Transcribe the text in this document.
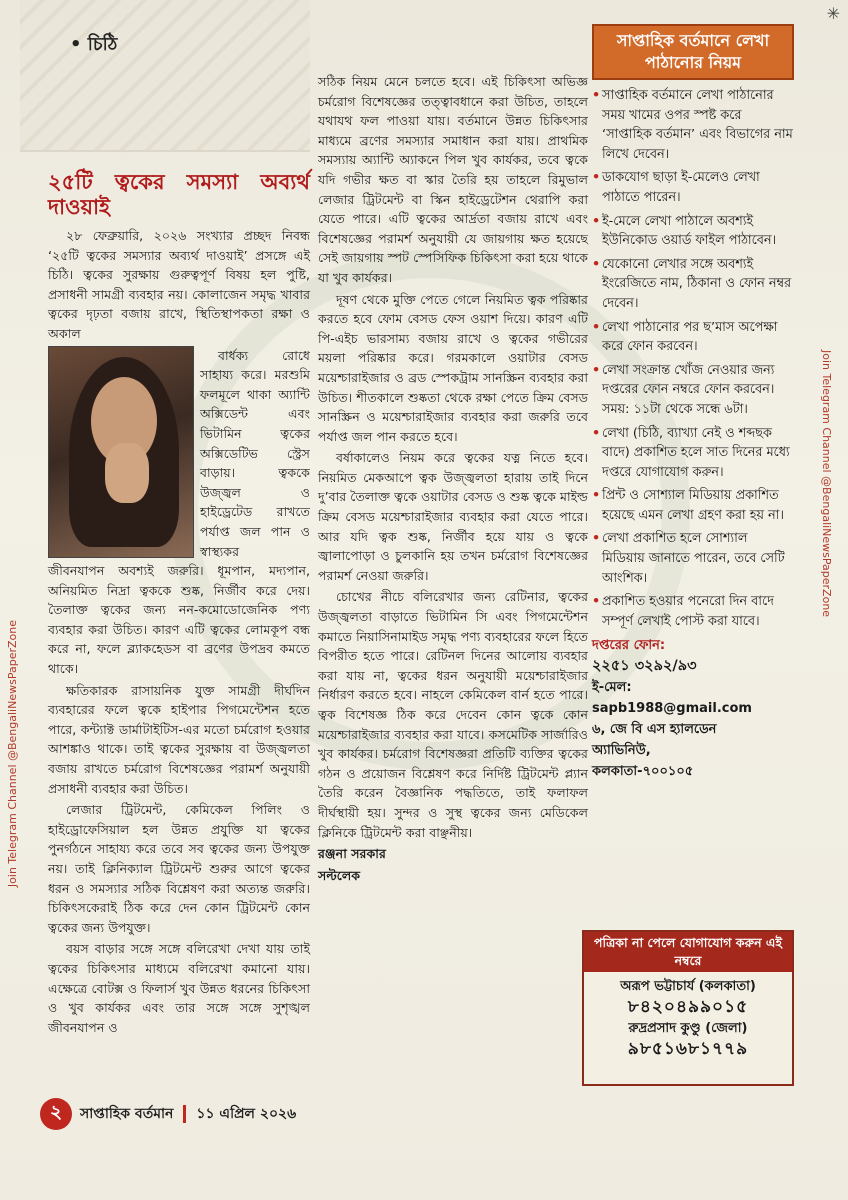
• চিঠি
✳
২৫টি ত্বকের সমস্যা অব্যর্থ দাওয়াই

২৮ ফেব্রুয়ারি, ২০২৬ সংখ্যার প্রচ্ছদ নিবন্ধ ‘২৫টি ত্বকের সমস্যার অব্যর্থ দাওয়াই’ প্রসঙ্গে এই চিঠি। ত্বকের সুরক্ষায় গুরুত্বপূর্ণ বিষয় হল পুষ্টি, প্রসাধনী সামগ্রী ব্যবহার নয়। কোলাজেন সমৃদ্ধ খাবার ত্বকের দৃঢ়তা বজায় রাখে, স্থিতিস্থাপকতা রক্ষা ও অকাল

বার্ধক্য রোধে সাহায্য করে। মরশুমি ফলমূলে থাকা অ্যান্টি অক্সিডেন্ট এবং ভিটামিন ত্বকের অক্সিডেটিভ স্ট্রেস বাড়ায়। ত্বককে উজ্জ্বল ও হাইড্রেটেড রাখতে পর্যাপ্ত জল পান ও স্বাস্থ্যকর

জীবনযাপন অবশ্যই জরুরি। ধূমপান, মদ্যপান, অনিয়মিত নিদ্রা ত্বককে শুষ্ক, নির্জীব করে দেয়। তৈলাক্ত ত্বকের জন্য নন-কমোডোজেনিক পণ্য ব্যবহার করা উচিত। কারণ এটি ত্বকের লোমকূপ বন্ধ করে না, ফলে ব্ল্যাকহেডস বা ব্রণের উপদ্রব কমতে থাকে।

ক্ষতিকারক রাসায়নিক যুক্ত সামগ্রী দীর্ঘদিন ব্যবহারের ফলে ত্বকে হাইপার পিগমেন্টেশন হতে পারে, কন্ট্যাক্ট ডার্মাটাইটিস-এর মতো চর্মরোগ হওয়ার আশঙ্কাও থাকে। তাই ত্বকের সুরক্ষায় বা উজ্জ্বলতা বজায় রাখতে চর্মরোগ বিশেষজ্ঞের পরামর্শ অনুযায়ী প্রসাধনী ব্যবহার করা উচিত।

লেজার ট্রিটমেন্ট, কেমিকেল পিলিং ও হাইড্রোফেসিয়াল হল উন্নত প্রযুক্তি যা ত্বকের পুনর্গঠনে সাহায্য করে তবে সব ত্বকের জন্য উপযুক্ত নয়। তাই ক্লিনিক্যাল ট্রিটমেন্ট শুরুর আগে ত্বকের ধরন ও সমস্যার সঠিক বিশ্লেষণ করা অত্যন্ত জরুরি। চিকিৎসকেরাই ঠিক করে দেন কোন ট্রিটমেন্ট কোন ত্বকের জন্য উপযুক্ত।

বয়স বাড়ার সঙ্গে সঙ্গে বলিরেখা দেখা যায় তাই ত্বকের চিকিৎসার মাধ্যমে বলিরেখা কমানো যায়। এক্ষেত্রে বোটক্স ও ফিলার্স খুব উন্নত ধরনের চিকিৎসা ও খুব কার্যকর এবং তার সঙ্গে সঙ্গে সুশৃঙ্খল জীবনযাপন ও

সঠিক নিয়ম মেনে চলতে হবে। এই চিকিৎসা অভিজ্ঞ চর্মরোগ বিশেষজ্ঞের তত্ত্বাবধানে করা উচিত, তাহলে যথাযথ ফল পাওয়া যায়। বর্তমানে উন্নত চিকিৎসার মাধ্যমে ব্রণের সমস্যার সমাধান করা যায়। প্রাথমিক সমস্যায় অ্যান্টি অ্যাকনে পিল খুব কার্যকর, তবে ত্বকে যদি গভীর ক্ষত বা স্কার তৈরি হয় তাহলে রিমুভাল লেজার ট্রিটমেন্ট বা স্কিন হাইড্রেটেশন থেরাপি করা যেতে পারে। এটি ত্বকের আর্দ্রতা বজায় রাখে এবং বিশেষজ্ঞের পরামর্শ অনুযায়ী যে জায়গায় ক্ষত হয়েছে সেই জায়গায় স্পট স্পেসিফিক চিকিৎসা করা হয়ে থাকে যা খুব কার্যকর।

দূষণ থেকে মুক্তি পেতে গেলে নিয়মিত ত্বক পরিষ্কার করতে হবে ফোম বেসড ফেস ওয়াশ দিয়ে। কারণ এটি পি-এইচ ভারসাম্য বজায় রাখে ও ত্বকের গভীরের ময়লা পরিষ্কার করে। গরমকালে ওয়াটার বেসড ময়েশ্চারাইজার ও ব্রড স্পেকট্রাম সানস্ক্রিন ব্যবহার করা উচিত। শীতকালে শুষ্কতা থেকে রক্ষা পেতে ক্রিম বেসড সানস্ক্রিন ও ময়েশ্চারাইজার ব্যবহার করা জরুরি তবে পর্যাপ্ত জল পান করতে হবে।

বর্ষাকালেও নিয়ম করে ত্বকের যত্ন নিতে হবে। নিয়মিত মেকআপে ত্বক উজ্জ্বলতা হারায় তাই দিনে দু’বার তৈলাক্ত ত্বকে ওয়াটার বেসড ও শুষ্ক ত্বকে মাইল্ড ক্রিম বেসড ময়েশ্চারাইজার ব্যবহার করা যেতে পারে। আর যদি ত্বক শুষ্ক, নির্জীব হয়ে যায় ও ত্বকে জ্বালাপোড়া ও চুলকানি হয় তখন চর্মরোগ বিশেষজ্ঞের পরামর্শ নেওয়া জরুরি।

চোখের নীচে বলিরেখার জন্য রেটিনার, ত্বকের উজ্জ্বলতা বাড়াতে ভিটামিন সি এবং পিগমেন্টেশন কমাতে নিয়াসিনামাইড সমৃদ্ধ পণ্য ব্যবহারের ফলে হিতে বিপরীত হতে পারে। রেটিনল দিনের আলোয় ব্যবহার করা যায় না, ত্বকের ধরন অনুযায়ী ময়েশ্চারাইজার নির্ধারণ করতে হবে। নাহলে কেমিকেল বার্ন হতে পারে। ত্বক বিশেষজ্ঞ ঠিক করে দেবেন কোন ত্বকে কোন ময়েশ্চারাইজার ব্যবহার করা যাবে। কসমেটিক সার্জারিও খুব কার্যকর। চর্মরোগ বিশেষজ্ঞরা প্রতিটি ব্যক্তির ত্বকের গঠন ও প্রয়োজন বিশ্লেষণ করে নির্দিষ্ট ট্রিটমেন্ট প্ল্যান তৈরি করেন বৈজ্ঞানিক পদ্ধতিতে, তাই ফলাফল দীর্ঘস্থায়ী হয়। সুন্দর ও সুস্থ ত্বকের জন্য মেডিকেল ক্লিনিকে ট্রিটমেন্ট করা বাঞ্ছনীয়।

রঞ্জনা সরকার

সল্টলেক

সাপ্তাহিক বর্তমানে লেখা পাঠানোর নিয়ম
• সাপ্তাহিক বর্তমানে লেখা পাঠানোর সময় খামের ওপর স্পষ্ট করে ‘সাপ্তাহিক বর্তমান’ এবং বিভাগের নাম লিখে দেবেন।
• ডাকযোগ ছাড়া ই-মেলেও লেখা পাঠাতে পারেন।
• ই-মেলে লেখা পাঠালে অবশ্যই ইউনিকোড ওয়ার্ড ফাইল পাঠাবেন।
• যেকোনো লেখার সঙ্গে অবশ্যই ইংরেজিতে নাম, ঠিকানা ও ফোন নম্বর দেবেন।
• লেখা পাঠানোর পর ছ’মাস অপেক্ষা করে ফোন করবেন।
• লেখা সংক্রান্ত খোঁজ নেওয়ার জন্য দপ্তরের ফোন নম্বরে ফোন করবেন। সময়: ১১টা থেকে সন্ধে ৬টা।
• লেখা (চিঠি, ব্যাখ্যা নেই ও শব্দছক বাদে) প্রকাশিত হলে সাত দিনের মধ্যে দপ্তরে যোগাযোগ করুন।
• প্রিন্ট ও সোশ্যাল মিডিয়ায় প্রকাশিত হয়েছে এমন লেখা গ্রহণ করা হয় না।
• লেখা প্রকাশিত হলে সোশ্যাল মিডিয়ায় জানাতে পারেন, তবে সেটি আংশিক।
• প্রকাশিত হওয়ার পনেরো দিন বাদে সম্পূর্ণ লেখাই পোস্ট করা যাবে।
দপ্তরের ফোন:
২২৫১ ৩২৯২/৯৩
ই-মেল:
sapb1988@gmail.com
৬, জে বি এস হ্যালডেন
অ্যাভিনিউ,
কলকাতা-৭০০১০৫
পত্রিকা না পেলে যোগাযোগ করুন এই নম্বরে
অরূপ ভট্টাচার্য (কলকাতা)
৮৪২০৪৯৯০১৫
রুদ্রপ্রসাদ কুণ্ডু (জেলা)
৯৮৫১৬৮১৭৭৯
Join Telegram Channel @BengaliNewsPaperZone
Join Telegram Channel @BengaliNewsPaperZone
২	সাপ্তাহিক বর্তমান ১১ এপ্রিল ২০২৬
